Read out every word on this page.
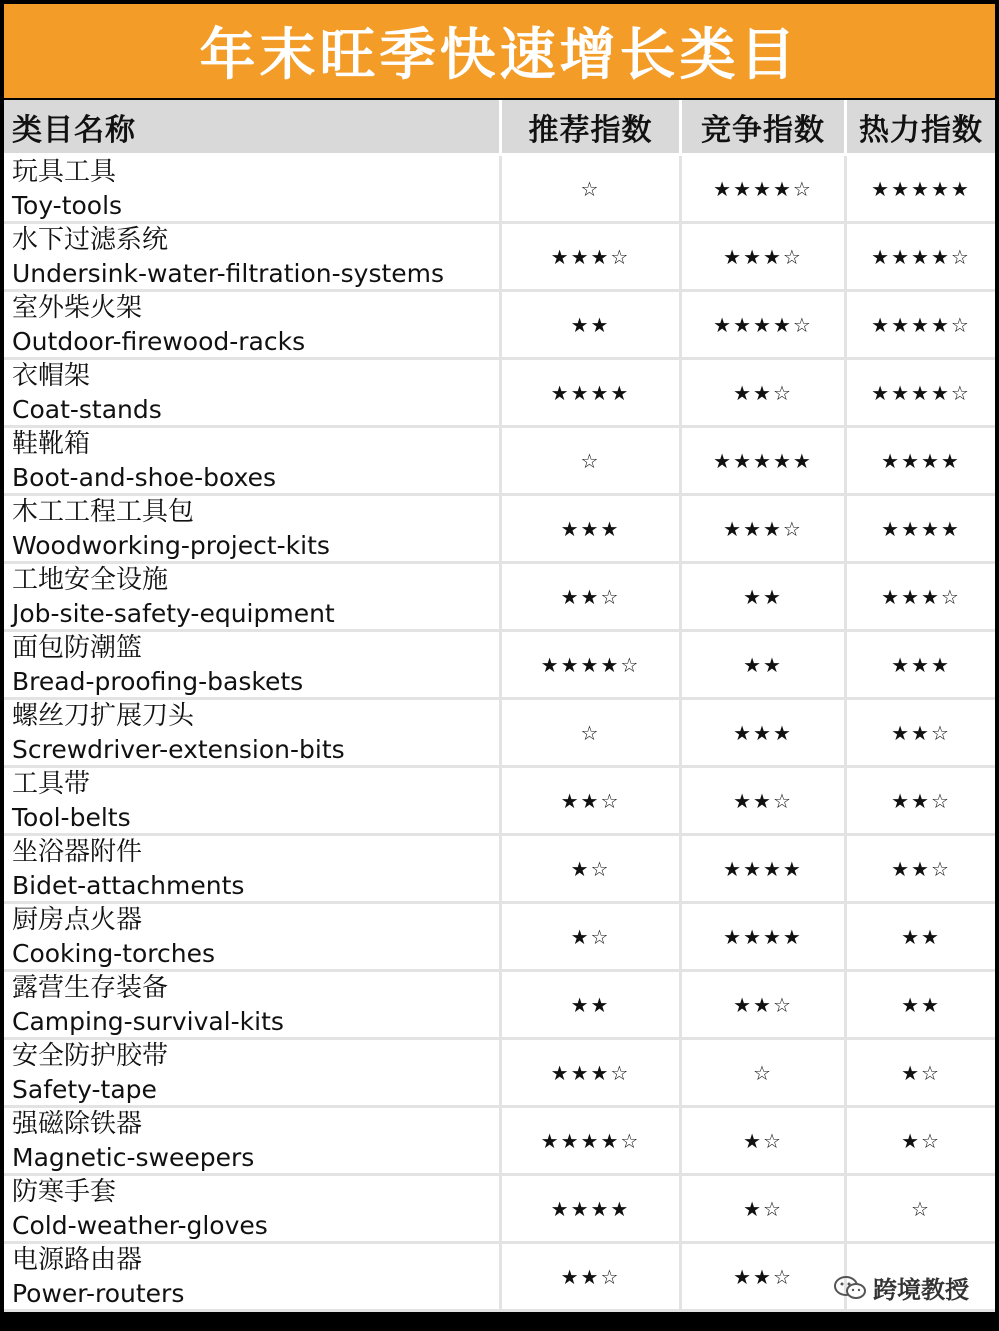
年末旺季快速增长类目
类目名称	推荐指数	竞争指数	热力指数
玩具工具
Toy-tools
☆	★★★★☆	★★★★★
水下过滤系统
Undersink-water-filtration-systems
★★★☆	★★★☆	★★★★☆
室外柴火架
Outdoor-firewood-racks
★★	★★★★☆	★★★★☆
衣帽架
Coat-stands
★★★★	★★☆	★★★★☆
鞋靴箱
Boot-and-shoe-boxes
☆	★★★★★	★★★★
木工工程工具包
Woodworking-project-kits
★★★	★★★☆	★★★★
工地安全设施
Job-site-safety-equipment
★★☆	★★	★★★☆
面包防潮篮
Bread-proofing-baskets
★★★★☆	★★	★★★
螺丝刀扩展刀头
Screwdriver-extension-bits
☆	★★★	★★☆
工具带
Tool-belts
★★☆	★★☆	★★☆
坐浴器附件
Bidet-attachments
★☆	★★★★	★★☆
厨房点火器
Cooking-torches
★☆	★★★★	★★
露营生存装备
Camping-survival-kits
★★	★★☆	★★
安全防护胶带
Safety-tape
★★★☆	☆	★☆
强磁除铁器
Magnetic-sweepers
★★★★☆	★☆	★☆
防寒手套
Cold-weather-gloves
★★★★	★☆	☆
电源路由器
Power-routers
★★☆	★★☆	跨境教授
